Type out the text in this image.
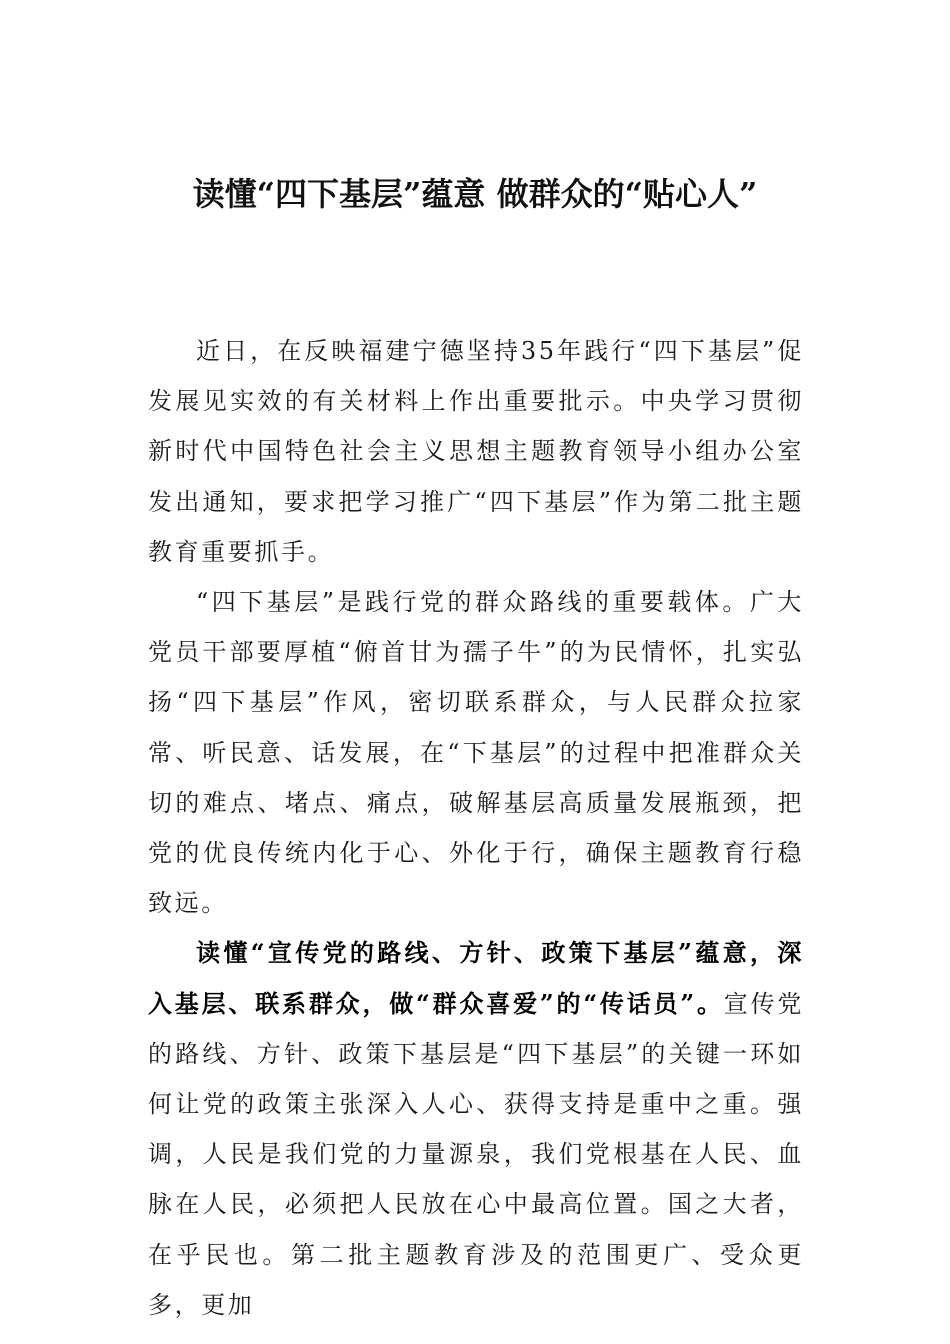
读懂“四下基层”蕴意 做群众的“贴心人”

近日，在反映福建宁德坚持35年践行“四下基层”促发展见实效的有关材料上作出重要批示。中央学习贯彻新时代中国特色社会主义思想主题教育领导小组办公室发出通知，要求把学习推广“四下基层”作为第二批主题教育重要抓手。

“四下基层”是践行党的群众路线的重要载体。广大党员干部要厚植“俯首甘为孺子牛”的为民情怀，扎实弘扬“四下基层”作风，密切联系群众，与人民群众拉家常、听民意、话发展，在“下基层”的过程中把准群众关切的难点、堵点、痛点，破解基层高质量发展瓶颈，把党的优良传统内化于心、外化于行，确保主题教育行稳致远。

读懂“宣传党的路线、方针、政策下基层”蕴意，深入基层、联系群众，做“群众喜爱”的“传话员”。宣传党的路线、方针、政策下基层是“四下基层”的关键一环如何让党的政策主张深入人心、获得支持是重中之重。强调，人民是我们党的力量源泉，我们党根基在人民、血脉在人民，必须把人民放在心中最高位置。国之大者，在乎民也。第二批主题教育涉及的范围更广、受众更多，更加
